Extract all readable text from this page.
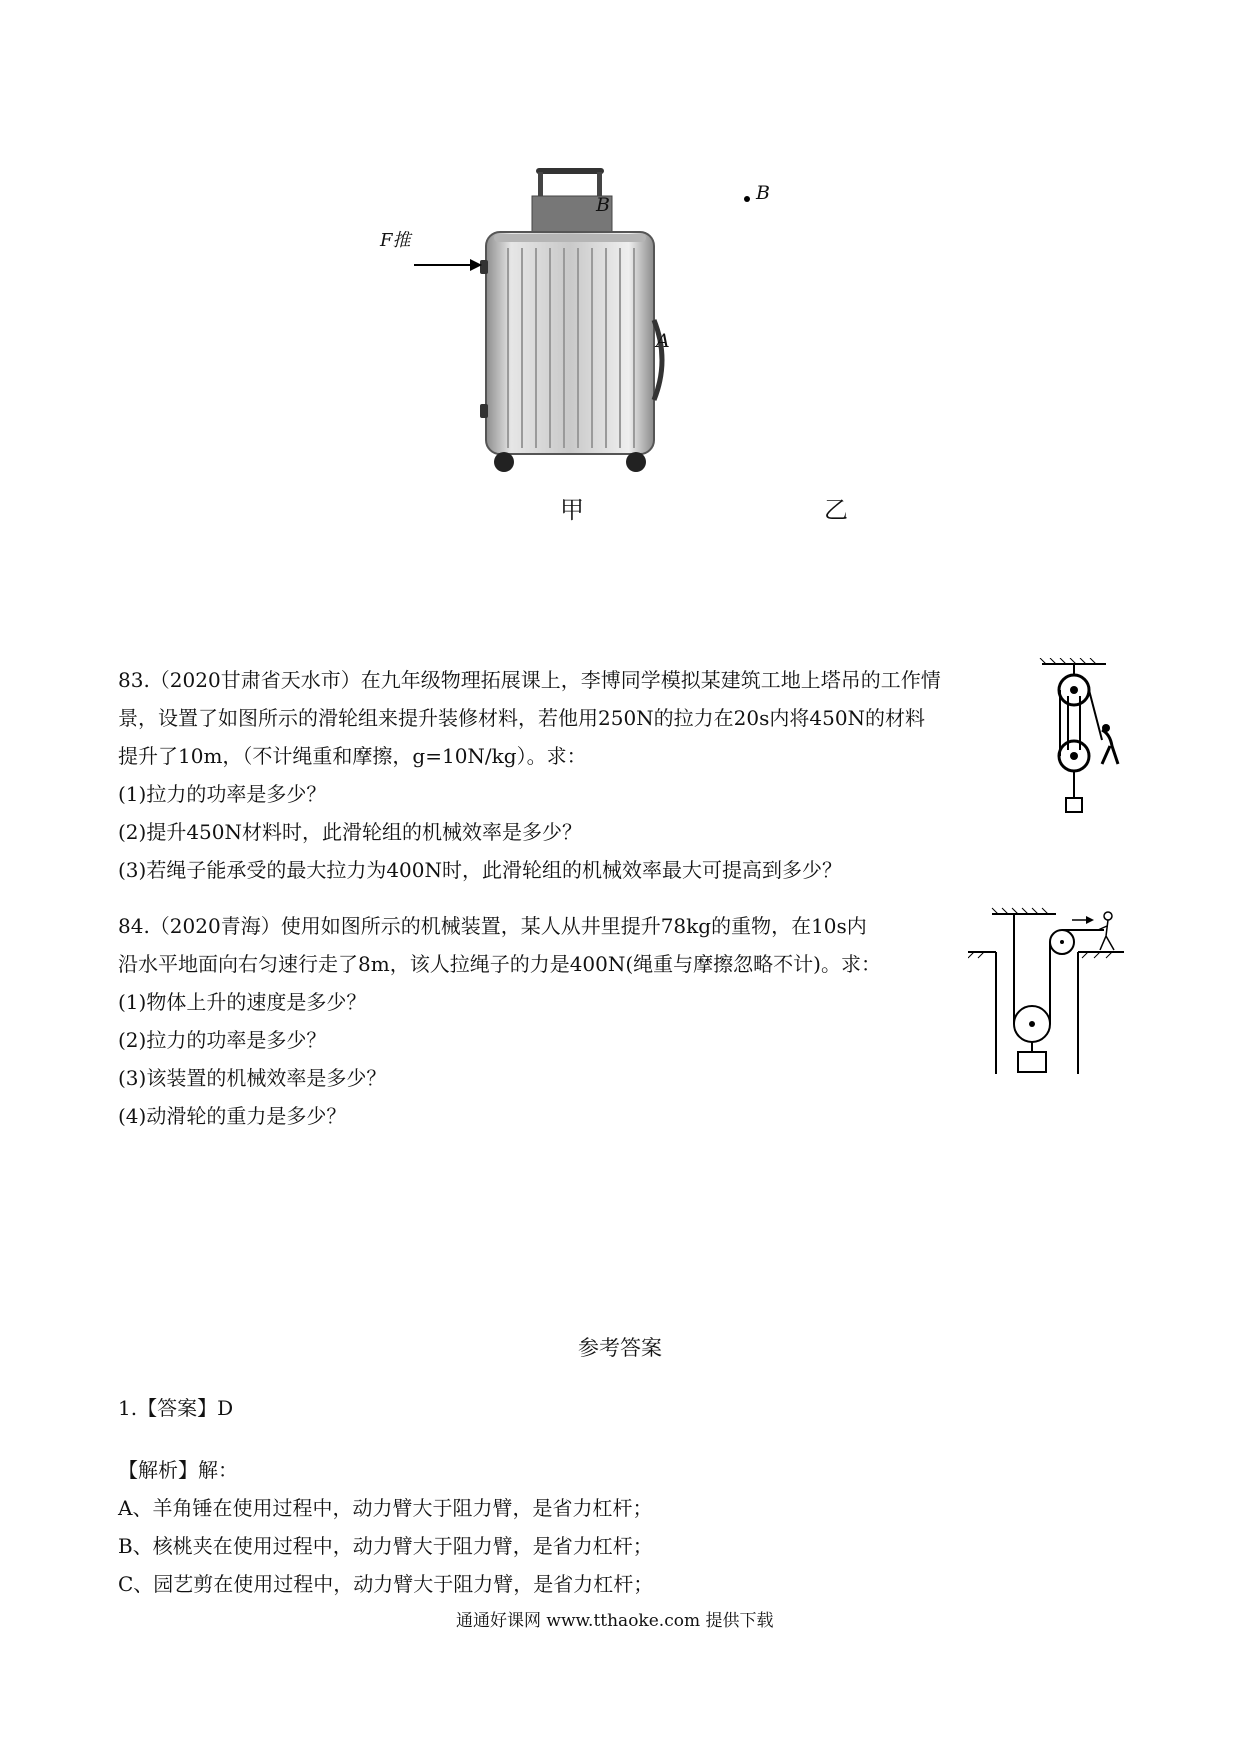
F推
B
B
A
甲	乙
83.（2020甘肃省天水市）在九年级物理拓展课上，李博同学模拟某建筑工地上塔吊的工作情
景，设置了如图所示的滑轮组来提升装修材料，若他用250N的拉力在20s内将450N的材料
提升了10m，（不计绳重和摩擦，g=10N/kg）。求：
(1)拉力的功率是多少？
(2)提升450N材料时，此滑轮组的机械效率是多少？
(3)若绳子能承受的最大拉力为400N时，此滑轮组的机械效率最大可提高到多少？
84.（2020青海）使用如图所示的机械装置，某人从井里提升78kg的重物，在10s内
沿水平地面向右匀速行走了8m，该人拉绳子的力是400N(绳重与摩擦忽略不计)。求：
(1)物体上升的速度是多少？
(2)拉力的功率是多少？
(3)该装置的机械效率是多少？
(4)动滑轮的重力是多少？
参考答案
1.【答案】D
【解析】解：
A、羊角锤在使用过程中，动力臂大于阻力臂，是省力杠杆；
B、核桃夹在使用过程中，动力臂大于阻力臂，是省力杠杆；
C、园艺剪在使用过程中，动力臂大于阻力臂，是省力杠杆；
通通好课网 www.tthaoke.com 提供下载
